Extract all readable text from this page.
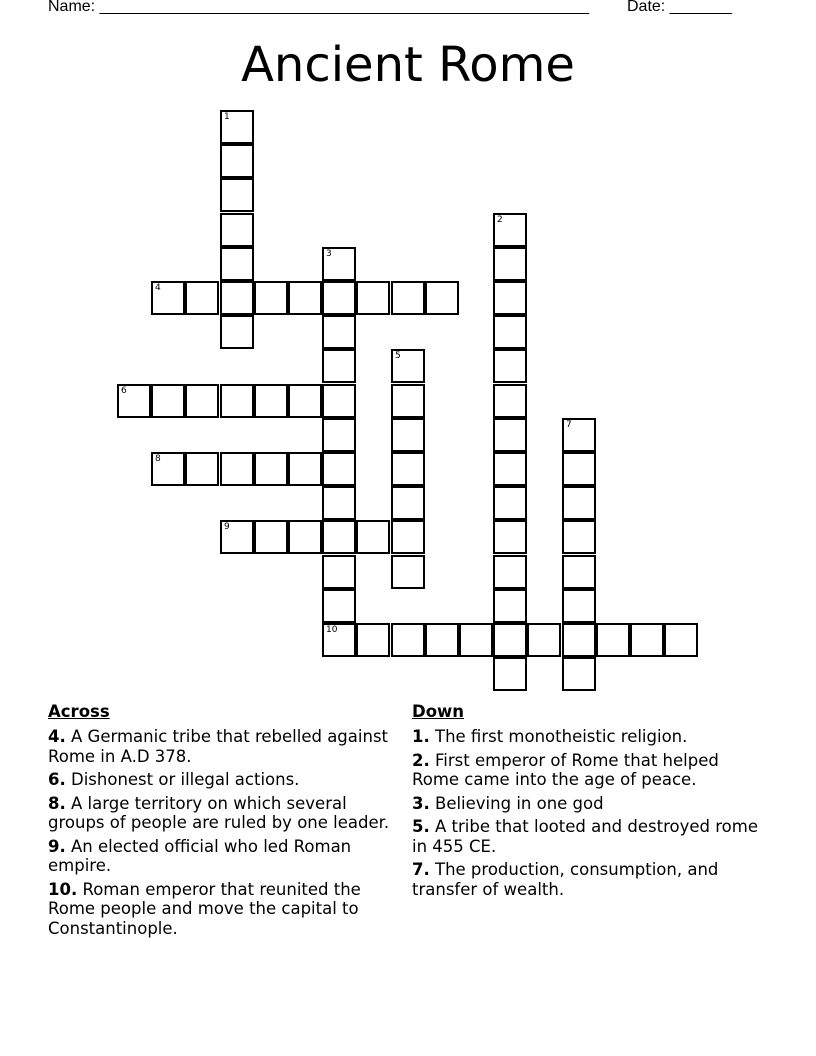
Name: _______________________________________________________ Date: _______
Ancient Rome
1
2
3
4
5
6
7
8
9
10
Across
4. A Germanic tribe that rebelled against Rome in A.D 378.
6. Dishonest or illegal actions.
8. A large territory on which several groups of people are ruled by one leader.
9. An elected official who led Roman empire.
10. Roman emperor that reunited the Rome people and move the capital to Constantinople.
Down
1. The first monotheistic religion.
2. First emperor of Rome that helped Rome came into the age of peace.
3. Believing in one god
5. A tribe that looted and destroyed rome in 455 CE.
7. The production, consumption, and transfer of wealth.
